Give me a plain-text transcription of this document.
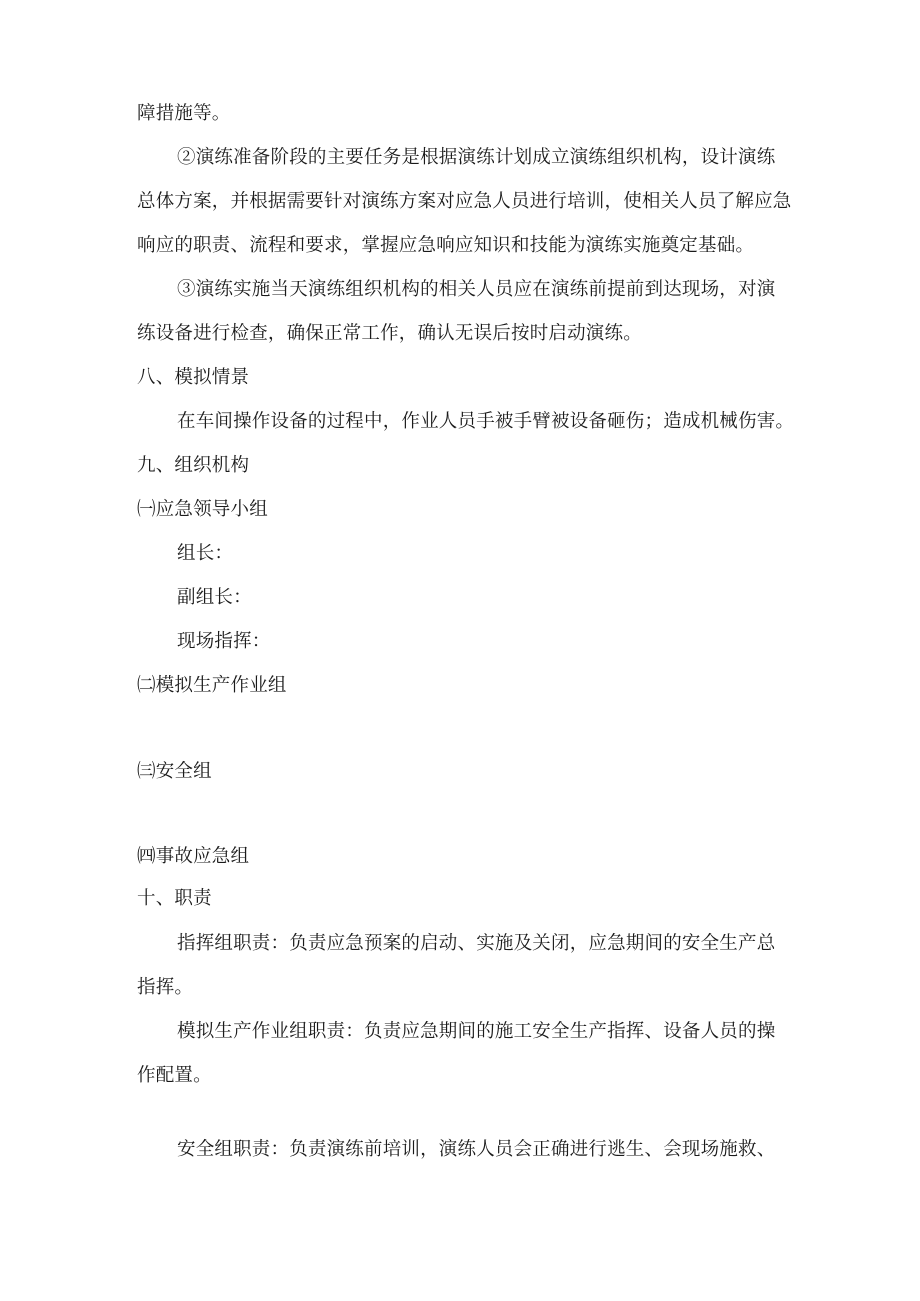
障措施等。
②演练准备阶段的主要任务是根据演练计划成立演练组织机构，设计演练
总体方案，并根据需要针对演练方案对应急人员进行培训，使相关人员了解应急
响应的职责、流程和要求，掌握应急响应知识和技能为演练实施奠定基础。
③演练实施当天演练组织机构的相关人员应在演练前提前到达现场，对演
练设备进行检查，确保正常工作，确认无误后按时启动演练。
八、模拟情景
在车间操作设备的过程中，作业人员手被手臂被设备砸伤；造成机械伤害。
九、组织机构
㈠应急领导小组
组长：
副组长：
现场指挥：
㈡模拟生产作业组
㈢安全组
㈣事故应急组
十、职责
指挥组职责：负责应急预案的启动、实施及关闭，应急期间的安全生产总
指挥。
模拟生产作业组职责：负责应急期间的施工安全生产指挥、设备人员的操
作配置。
安全组职责：负责演练前培训，演练人员会正确进行逃生、会现场施救、
